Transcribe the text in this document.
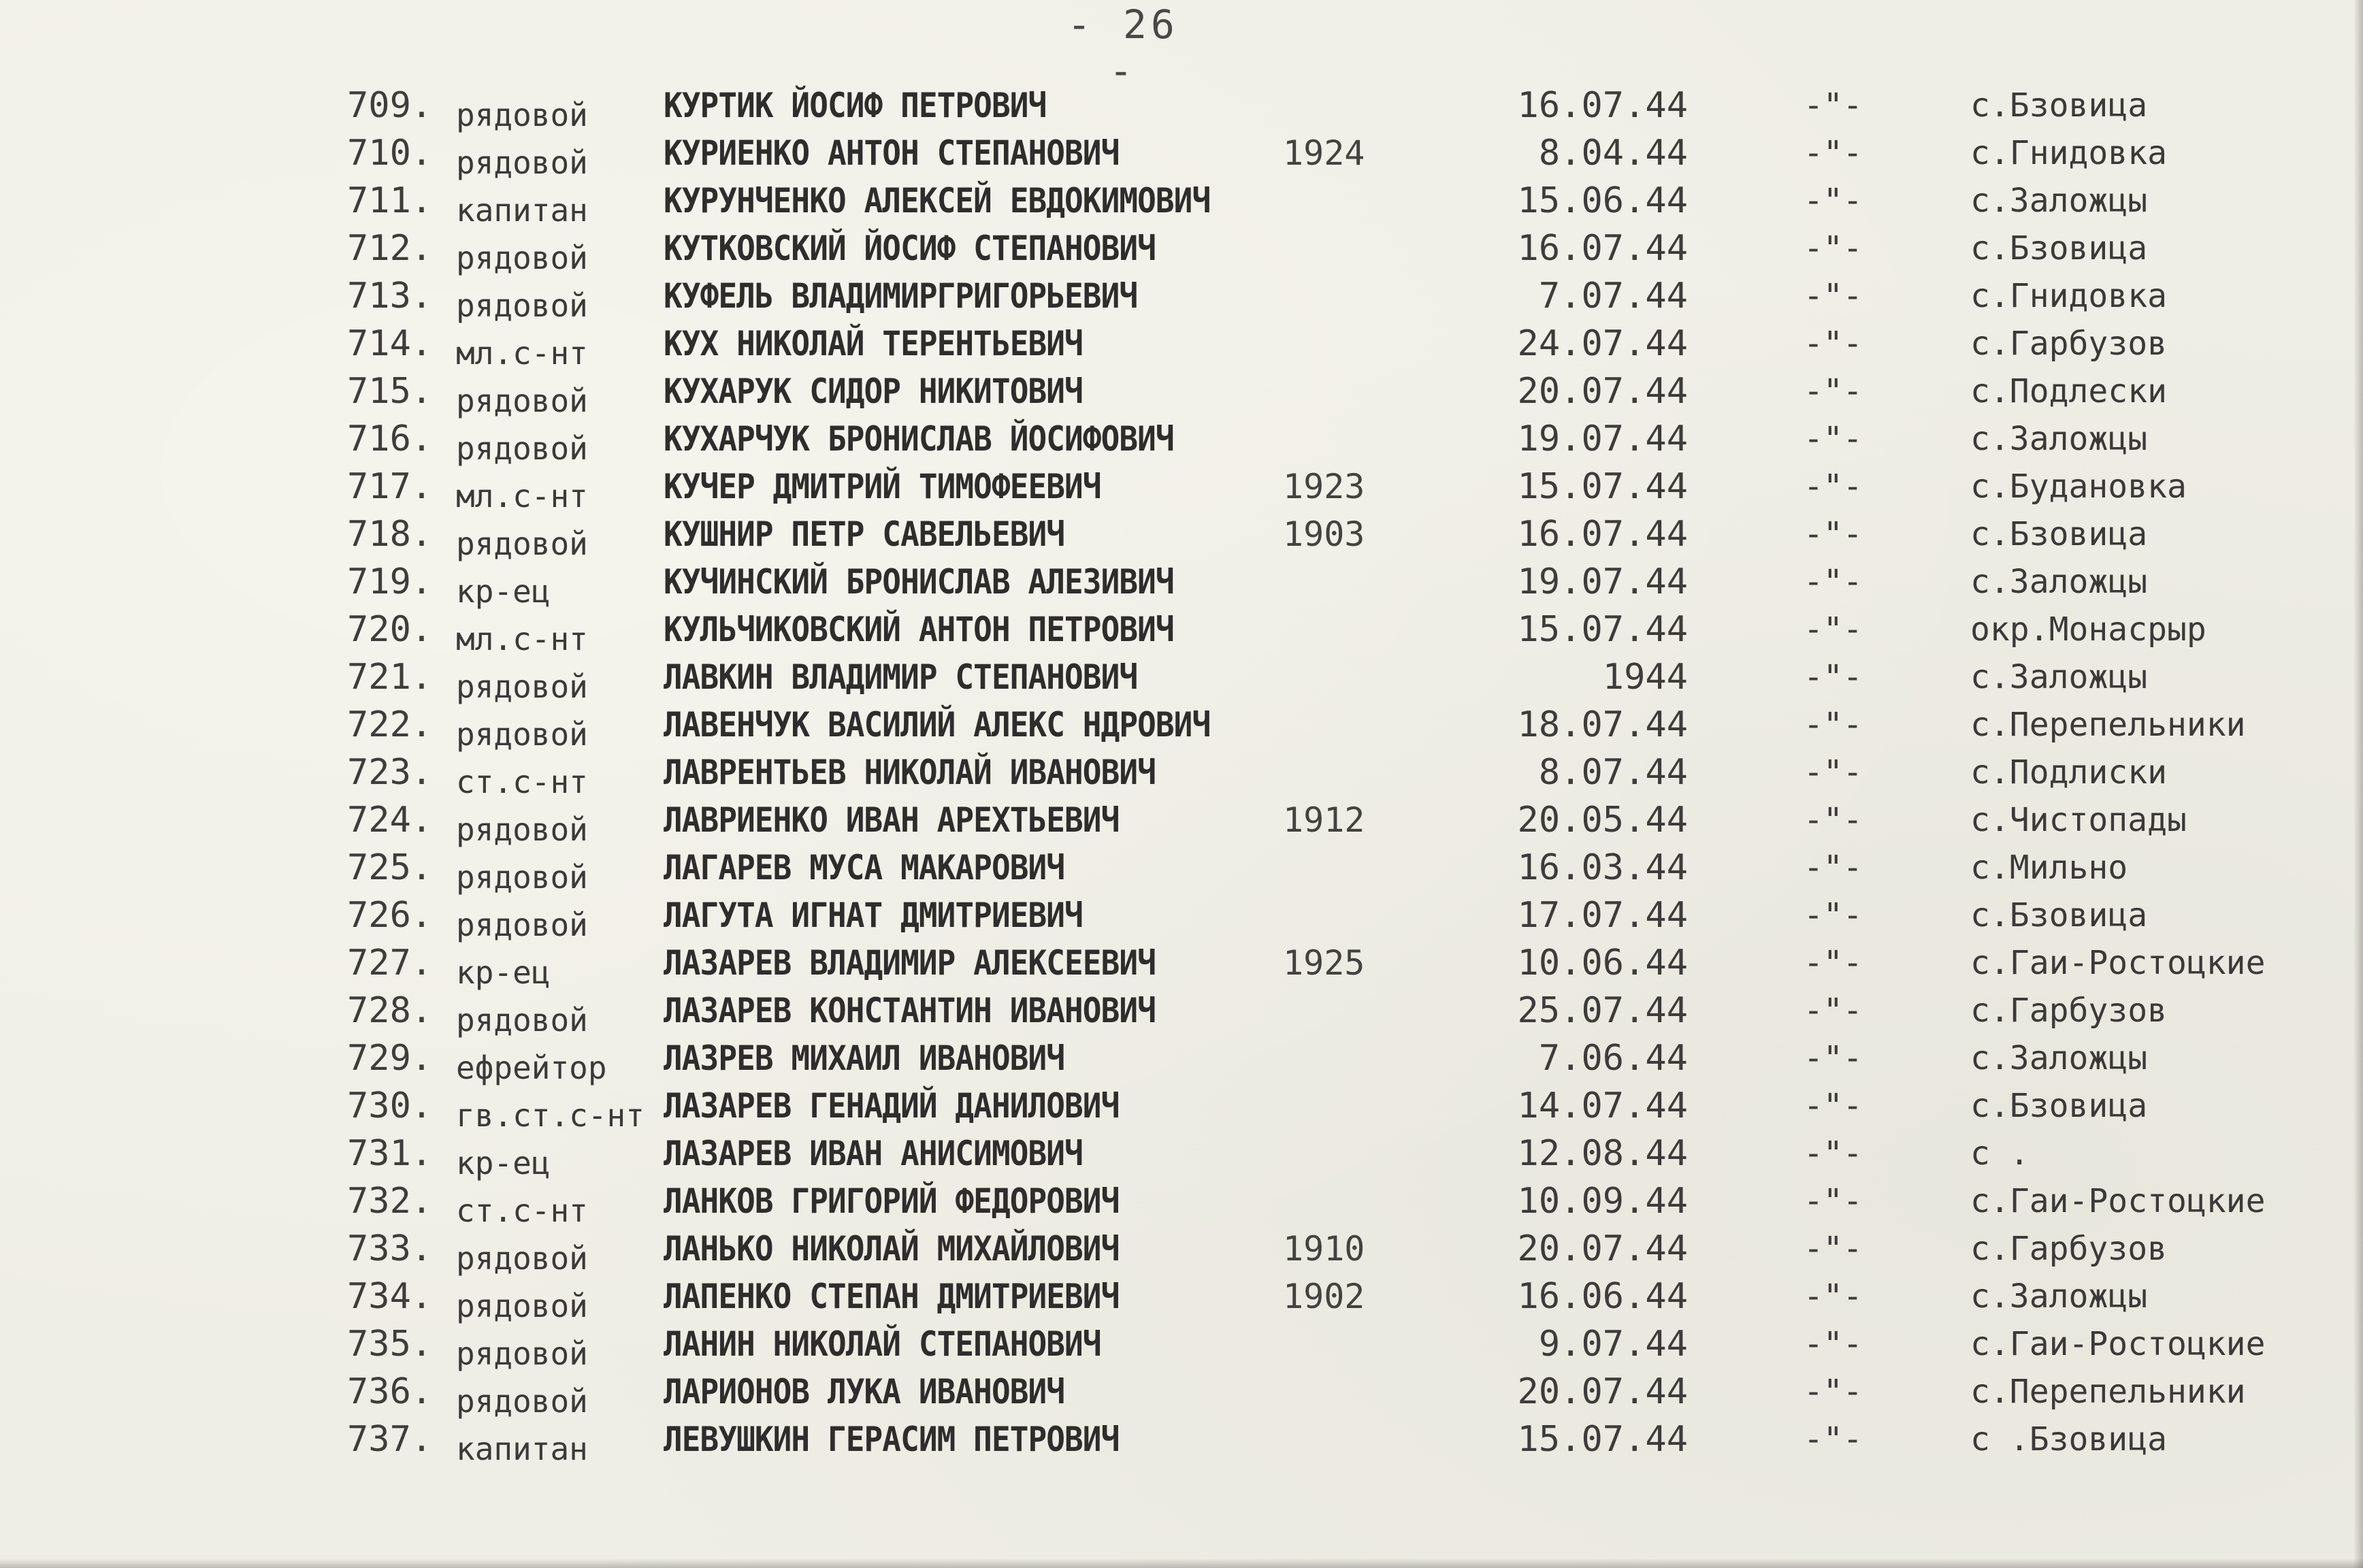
- 26 -
709. рядовой КУРТИК ЙОСИФ ПЕТРОВИЧ	16.07.44	-"-	с.Бзовица
710. рядовой КУРИЕНКО АНТОН СТЕПАНОВИЧ	1924	8.04.44	-"-	с.Гнидовка
711. капитан КУРУНЧЕНКО АЛЕКСЕЙ ЕВДОКИМОВИЧ	15.06.44	-"-	с.Заложцы
712. рядовой КУТКОВСКИЙ ЙОСИФ СТЕПАНОВИЧ	16.07.44	-"-	с.Бзовица
713. рядовой КУФЕЛЬ ВЛАДИМИРГРИГОРЬЕВИЧ	7.07.44	-"-	с.Гнидовка
714. мл.с-нт КУХ НИКОЛАЙ ТЕРЕНТЬЕВИЧ	24.07.44	-"-	с.Гарбузов
715. рядовой КУХАРУК СИДОР НИКИТОВИЧ	20.07.44	-"-	с.Подлески
716. рядовой КУХАРЧУК БРОНИСЛАВ ЙОСИФОВИЧ	19.07.44	-"-	с.Заложцы
717. мл.с-нт КУЧЕР ДМИТРИЙ ТИМОФЕЕВИЧ	1923	15.07.44	-"-	с.Будановка
718. рядовой КУШНИР ПЕТР САВЕЛЬЕВИЧ	1903	16.07.44	-"-	с.Бзовица
719. кр-ец	КУЧИНСКИЙ БРОНИСЛАВ АЛЕЗИВИЧ	19.07.44	-"-	с.Заложцы
720. мл.с-нт КУЛЬЧИКОВСКИЙ АНТОН ПЕТРОВИЧ	15.07.44	-"-	окр.Монасрыр
721. рядовой ЛАВКИН ВЛАДИМИР СТЕПАНОВИЧ	1944	-"-	с.Заложцы
722. рядовой ЛАВЕНЧУК ВАСИЛИЙ АЛЕКС НДРОВИЧ	18.07.44	-"-	с.Перепельники
723. ст.с-нт ЛАВРЕНТЬЕВ НИКОЛАЙ ИВАНОВИЧ	8.07.44	-"-	с.Подлиски
724. рядовой ЛАВРИЕНКО ИВАН АРЕХТЬЕВИЧ	1912	20.05.44	-"-	с.Чистопады
725. рядовой ЛАГАРЕВ МУСА МАКАРОВИЧ	16.03.44	-"-	с.Мильно
726. рядовой ЛАГУТА ИГНАТ ДМИТРИЕВИЧ	17.07.44	-"-	с.Бзовица
727. кр-ец	ЛАЗАРЕВ ВЛАДИМИР АЛЕКСЕЕВИЧ	1925	10.06.44	-"-	с.Гаи-Ростоцкие
728. рядовой ЛАЗАРЕВ КОНСТАНТИН ИВАНОВИЧ	25.07.44	-"-	с.Гарбузов
729. ефрейтор ЛАЗРЕВ МИХАИЛ ИВАНОВИЧ	7.06.44	-"-	с.Заложцы
730. гв.ст.с-нт ЛАЗАРЕВ ГЕНАДИЙ ДАНИЛОВИЧ	14.07.44	-"-	с.Бзовица
731. кр-ец	ЛАЗАРЕВ ИВАН АНИСИМОВИЧ	12.08.44	-"-	с .
732. ст.с-нт ЛАНКОВ ГРИГОРИЙ ФЕДОРОВИЧ	10.09.44	-"-	с.Гаи-Ростоцкие
733. рядовой ЛАНЬКО НИКОЛАЙ МИХАЙЛОВИЧ	1910	20.07.44	-"-	с.Гарбузов
734. рядовой ЛАПЕНКО СТЕПАН ДМИТРИЕВИЧ	1902	16.06.44	-"-	с.Заложцы
735. рядовой ЛАНИН НИКОЛАЙ СТЕПАНОВИЧ	9.07.44	-"-	с.Гаи-Ростоцкие
736. рядовой ЛАРИОНОВ ЛУКА ИВАНОВИЧ	20.07.44	-"-	с.Перепельники
737. капитан ЛЕВУШКИН ГЕРАСИМ ПЕТРОВИЧ	15.07.44	-"-	с .Бзовица
